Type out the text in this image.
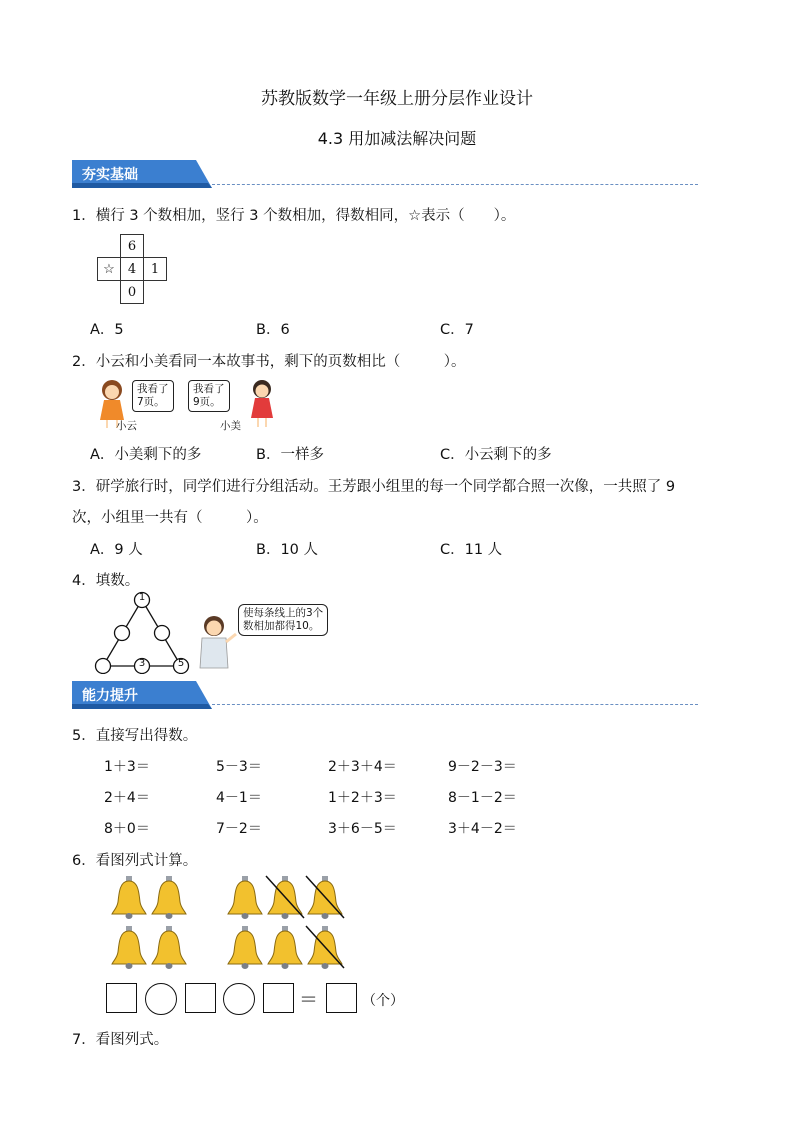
苏教版数学一年级上册分层作业设计
4.3 用加减法解决问题
夯实基础
1．横行 3 个数相加，竖行 3 个数相加，得数相同，☆表示（　　）。
	6	
☆	4	1
	0	
A．5	B．6	C．7
2．小云和小美看同一本故事书，剩下的页数相比（　　　）。
我看了
7页。
我看了
9页。
小云	小美
A．小美剩下的多	B．一样多	C．小云剩下的多
3．研学旅行时，同学们进行分组活动。王芳跟小组里的每一个同学都合照一次像，一共照了 9
次，小组里一共有（　　　）。
A．9 人	B．10 人	C．11 人
4．填数。
1
3	5
使每条线上的3个
数相加都得10。
能力提升
5．直接写出得数。
1＋3＝	5－3＝	2＋3＋4＝	9－2－3＝
2＋4＝	4－1＝	1＋2＋3＝	8－1－2＝
8＋0＝	7－2＝	3＋6－5＝	3＋4－2＝
6．看图列式计算。
＝	（个）
7．看图列式。
